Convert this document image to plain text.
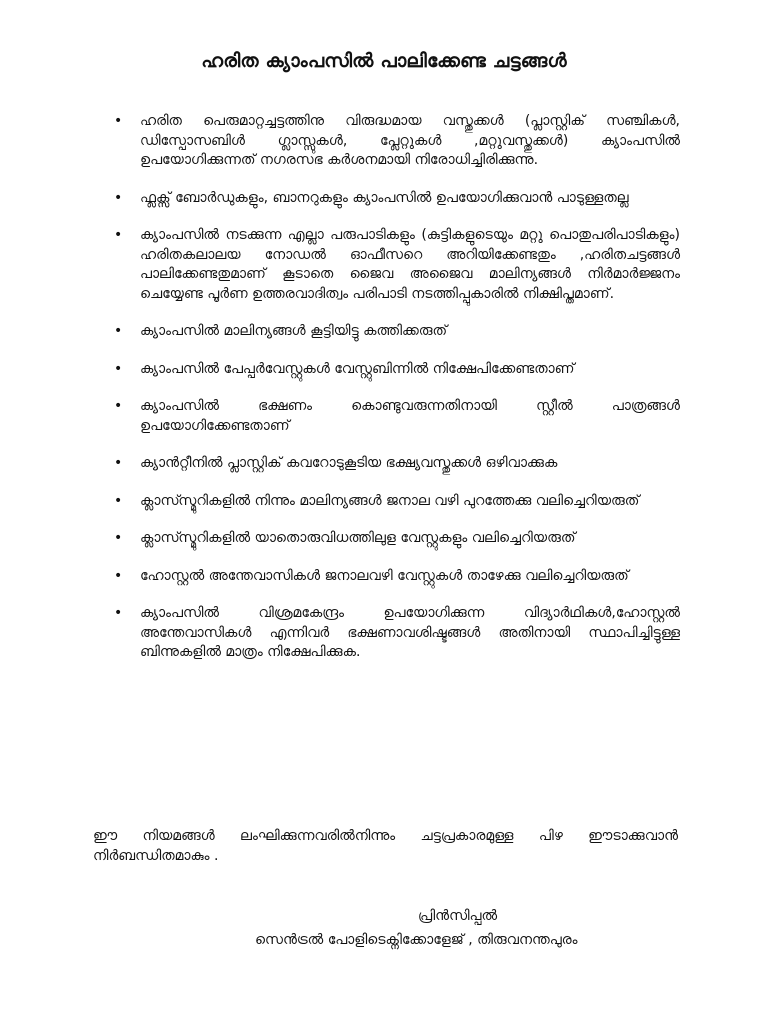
ഹരിത ക്യാംപസിൽ പാലിക്കേണ്ട ചട്ടങ്ങൾ
• ഹരിത പെരുമാറ്റച്ചട്ടത്തിനു വിരുദ്ധമായ വസ്തുക്കൾ (പ്ലാസ്റ്റിക് സഞ്ചികൾ, ഡിസ്പോസബിൾ ഗ്ലാസ്സുകൾ, പ്ലേറ്റുകൾ ,മറ്റുവസ്തുക്കൾ) ക്യാംപസിൽ ഉപയോഗിക്കുന്നത് നഗരസഭ കർശനമായി നിരോധിച്ചിരിക്കുന്നു.
• ഫ്ലക്സ് ബോർഡുകളും, ബാനറുകളും ക്യാംപസിൽ ഉപയോഗിക്കുവാൻ പാടുള്ളതല്ല
• ക്യാംപസിൽ നടക്കുന്ന എല്ലാ പരുപാടികളും (കുട്ടികളുടെയും മറ്റു പൊതുപരിപാടികളും) ഹരിതകലാലയ നോഡൽ ഓഫീസറെ അറിയിക്കേണ്ടതും ,ഹരിതചട്ടങ്ങൾ പാലിക്കേണ്ടതുമാണ് കൂടാതെ ജൈവ അജൈവ മാലിന്യങ്ങൾ നിർമാർജ്ജനം ചെയ്യേണ്ട പൂർണ ഉത്തരവാദിത്വം പരിപാടി നടത്തിപ്പുകാരിൽ നിക്ഷിപ്തമാണ്.
• ക്യാംപസിൽ മാലിന്യങ്ങൾ കൂട്ടിയിട്ടു കത്തിക്കരുത്
• ക്യാംപസിൽ പേപ്പർവേസ്റ്റുകൾ വേസ്റ്റുബിന്നിൽ നിക്ഷേപിക്കേണ്ടതാണ്
• ക്യാംപസിൽ ഭക്ഷണം കൊണ്ടുവരുന്നതിനായി സ്റ്റീൽ പാത്രങ്ങൾ ഉപയോഗിക്കേണ്ടതാണ്
• ക്യാൻറ്റീനിൽ പ്ലാസ്റ്റിക് കവറോടുകൂടിയ ഭക്ഷ്യവസ്തുക്കൾ ഒഴിവാക്കുക
• ക്ലാസ്സ്മുറികളിൽ നിന്നും മാലിന്യങ്ങൾ ജനാല വഴി പുറത്തേക്കു വലിച്ചെറിയരുത്
• ക്ലാസ്സ്മുറികളിൽ യാതൊരുവിധത്തിലുള വേസ്റ്റുകളും വലിച്ചെറിയരുത്
• ഹോസ്റ്റൽ അന്തേവാസികൾ ജനാലവഴി വേസ്റ്റുകൾ താഴേക്കു വലിച്ചെറിയരുത്
• ക്യാംപസിൽ വിശ്രമകേന്ദ്രം ഉപയോഗിക്കുന്ന വിദ്യാർഥികൾ,ഹോസ്റ്റൽ അന്തേവാസികൾ എന്നിവർ ഭക്ഷണാവശിഷ്ടങ്ങൾ അതിനായി സ്ഥാപിച്ചിട്ടുള്ള ബിന്നുകളിൽ മാത്രം നിക്ഷേപിക്കുക.
ഈ നിയമങ്ങൾ ലംഘിക്കുന്നവരിൽനിന്നും ചട്ടപ്രകാരമുള്ള പിഴ ഈടാക്കുവാൻ നിർബന്ധിതമാകും .
പ്രിൻസിപ്പൽ
സെൻട്രൽ പോളിടെക്നിക്കോളേജ് , തിരുവനന്തപുരം
